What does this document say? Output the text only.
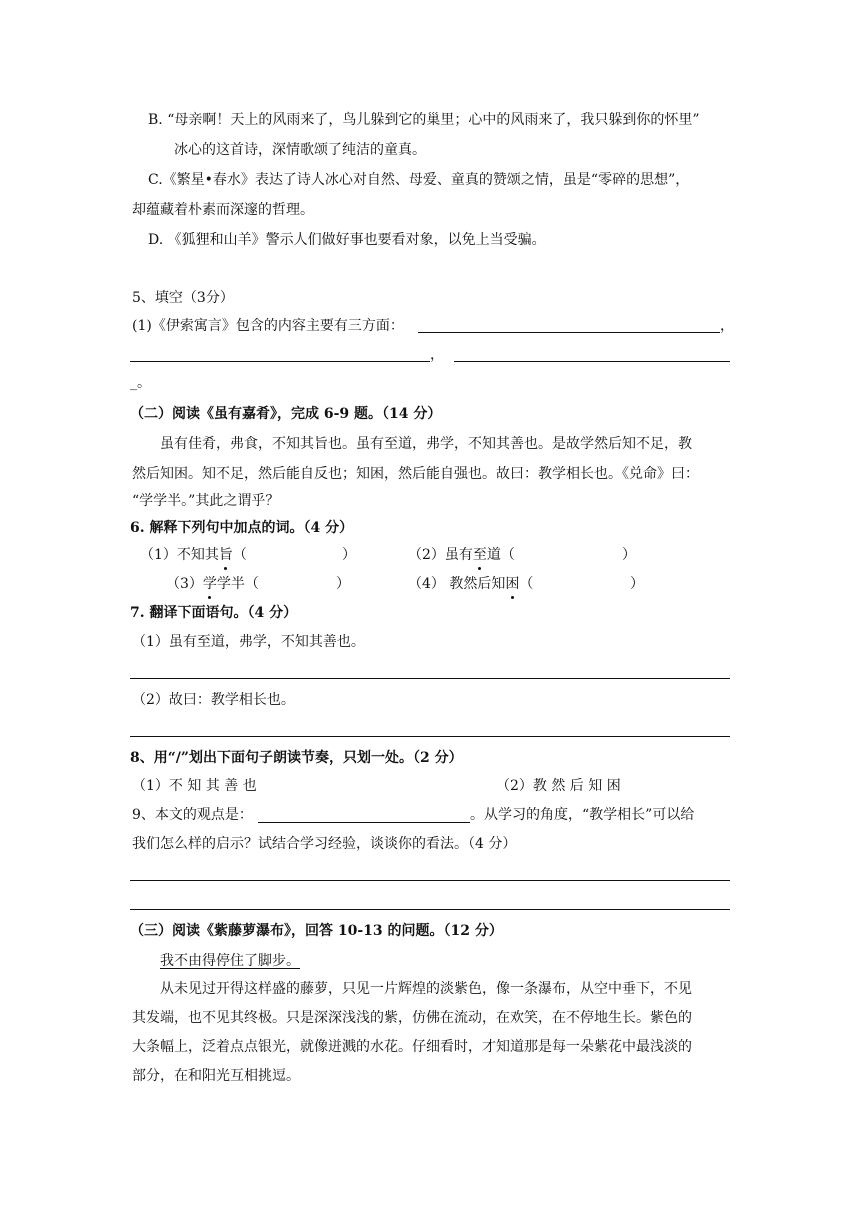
B. “母亲啊！天上的风雨来了，鸟儿躲到它的巢里；心中的风雨来了，我只躲到你的怀里”
冰心的这首诗，深情歌颂了纯洁的童真。
C.《繁星•春水》表达了诗人冰心对自然、母爱、童真的赞颂之情，虽是“零碎的思想”，
却蕴藏着朴素而深邃的哲理。
D. 《狐狸和山羊》警示人们做好事也要看对象，以免上当受骗。
5、填空（3分）
(1)《伊索寓言》包含的内容主要有三方面：	，
，
_。
（二）阅读《虽有嘉肴》，完成 6-9 题。（14 分）
虽有佳肴，弗食，不知其旨也。虽有至道，弗学，不知其善也。是故学然后知不足，教
然后知困。知不足，然后能自反也；知困，然后能自强也。故曰：教学相长也。《兑命》曰：
“学学半。”其此之谓乎？
6. 解释下列句中加点的词。（4 分）
（1）不知其旨（	）	（2）虽有至道（	）
（3）学学半（	）	（4） 教然后知困（	）
7. 翻译下面语句。（4 分）
（1）虽有至道，弗学，不知其善也。
（2）故曰：教学相长也。
8、用“/”划出下面句子朗读节奏，只划一处。（2 分）
（1）不 知 其 善 也	（2）教 然 后 知 困
9、本文的观点是：	。从学习的角度，“教学相长”可以给
我们怎么样的启示？试结合学习经验，谈谈你的看法。（4 分）
（三）阅读《紫藤萝瀑布》，回答 10-13 的问题。（12 分）
我不由得停住了脚步。
从未见过开得这样盛的藤萝，只见一片辉煌的淡紫色，像一条瀑布，从空中垂下，不见
其发端，也不见其终极。只是深深浅浅的紫，仿佛在流动，在欢笑，在不停地生长。紫色的
大条幅上，泛着点点银光，就像迸溅的水花。仔细看时，才知道那是每一朵紫花中最浅淡的
部分，在和阳光互相挑逗。
